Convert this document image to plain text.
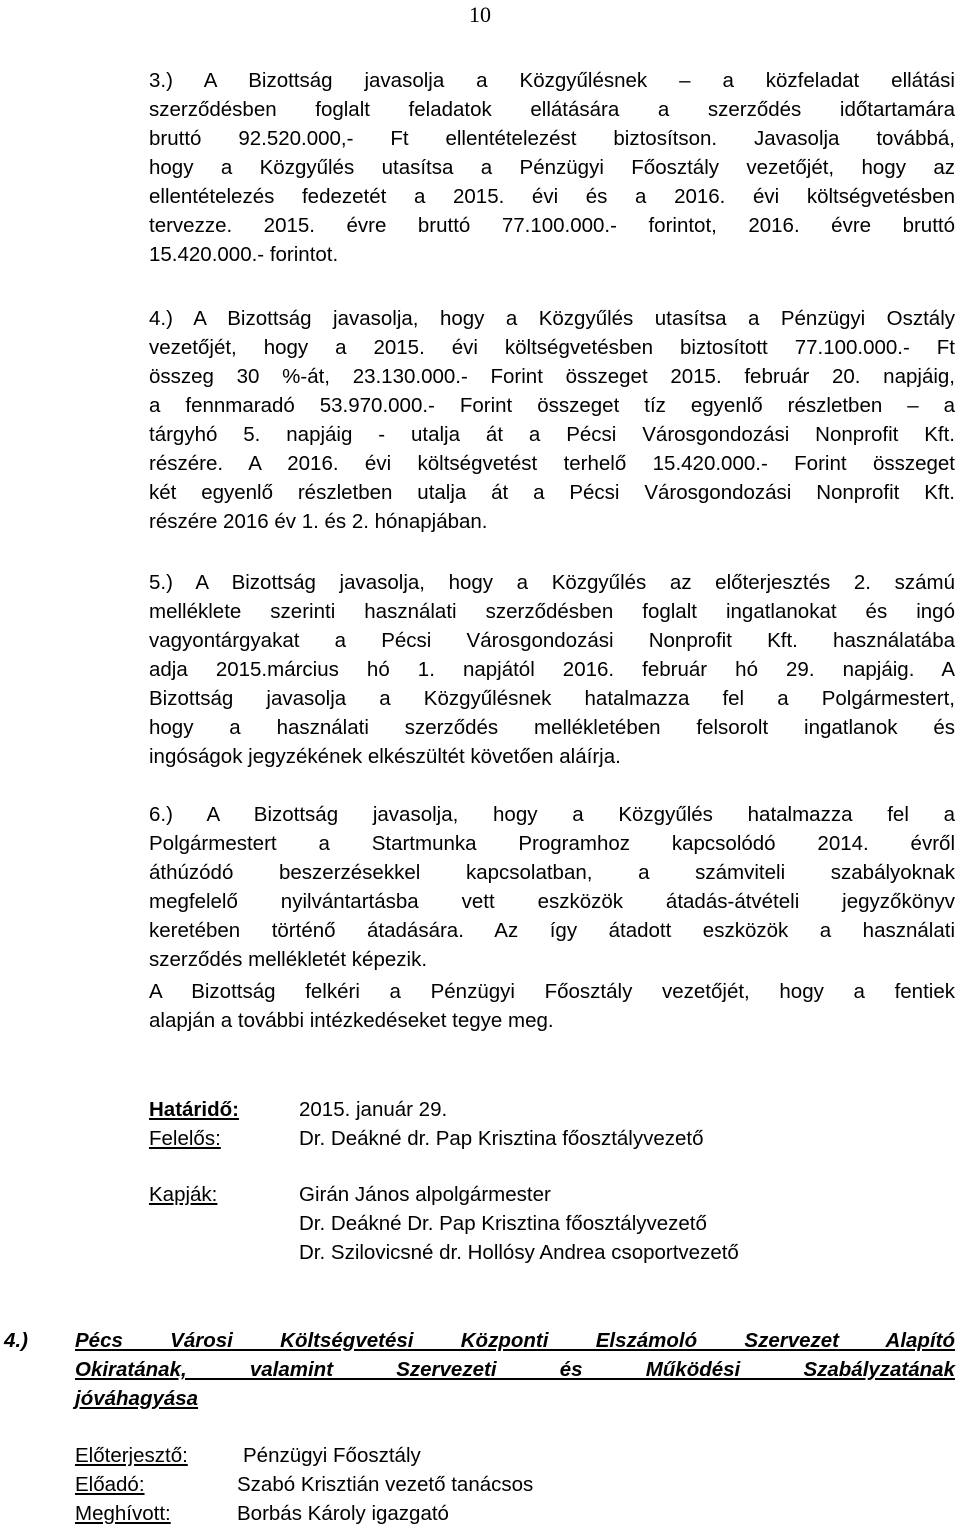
10
3.) A Bizottság javasolja a Közgyűlésnek – a közfeladat ellátási
szerződésben foglalt feladatok ellátására a szerződés időtartamára
bruttó 92.520.000,- Ft ellentételezést biztosítson. Javasolja továbbá,
hogy a Közgyűlés utasítsa a Pénzügyi Főosztály vezetőjét, hogy az
ellentételezés fedezetét a 2015. évi és a 2016. évi költségvetésben
tervezze. 2015. évre bruttó 77.100.000.- forintot, 2016. évre bruttó
15.420.000.- forintot.
4.) A Bizottság javasolja, hogy a Közgyűlés utasítsa a Pénzügyi Osztály
vezetőjét, hogy a 2015. évi költségvetésben biztosított 77.100.000.- Ft
összeg 30 %-át, 23.130.000.- Forint összeget 2015. február 20. napjáig,
a fennmaradó 53.970.000.- Forint összeget tíz egyenlő részletben – a
tárgyhó 5. napjáig - utalja át a Pécsi Városgondozási Nonprofit Kft.
részére. A 2016. évi költségvetést terhelő 15.420.000.- Forint összeget
két egyenlő részletben utalja át a Pécsi Városgondozási Nonprofit Kft.
részére 2016 év 1. és 2. hónapjában.
5.) A Bizottság javasolja, hogy a Közgyűlés az előterjesztés 2. számú
melléklete szerinti használati szerződésben foglalt ingatlanokat és ingó
vagyontárgyakat a Pécsi Városgondozási Nonprofit Kft. használatába
adja 2015.március hó 1. napjától 2016. február hó 29. napjáig. A
Bizottság javasolja a Közgyűlésnek hatalmazza fel a Polgármestert,
hogy a használati szerződés mellékletében felsorolt ingatlanok és
ingóságok jegyzékének elkészültét követően aláírja.
6.) A Bizottság javasolja, hogy a Közgyűlés hatalmazza fel a
Polgármestert a Startmunka Programhoz kapcsolódó 2014. évről
áthúzódó beszerzésekkel kapcsolatban, a számviteli szabályoknak
megfelelő nyilvántartásba vett eszközök átadás-átvételi jegyzőkönyv
keretében történő átadására. Az így átadott eszközök a használati
szerződés mellékletét képezik.
A Bizottság felkéri a Pénzügyi Főosztály vezetőjét, hogy a fentiek
alapján a további intézkedéseket tegye meg.
Határidő:	2015. január 29.
Felelős:	Dr. Deákné dr. Pap Krisztina főosztályvezető
Kapják:	Girán János alpolgármester
Dr. Deákné Dr. Pap Krisztina főosztályvezető
Dr. Szilovicsné dr. Hollósy Andrea csoportvezető
4.) Pécs Városi Költségvetési Központi Elszámoló Szervezet Alapító
Okiratának, valamint Szervezeti és Működési Szabályzatának
jóváhagyása
Előterjesztő:	Pénzügyi Főosztály
Előadó:	Szabó Krisztián vezető tanácsos
Meghívott:	Borbás Károly igazgató
